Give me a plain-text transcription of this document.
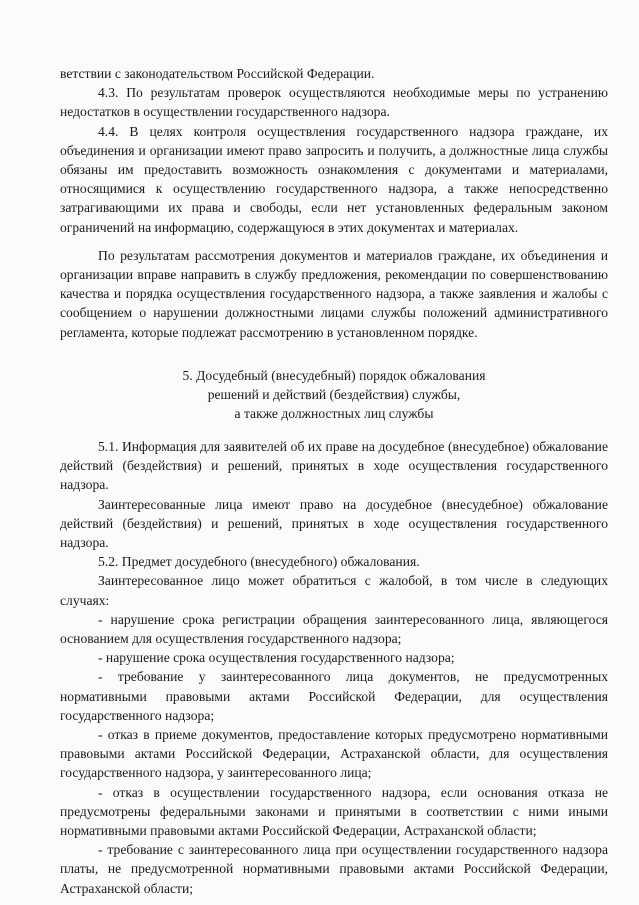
ветствии с законодательством Российской Федерации.

4.3. По результатам проверок осуществляются необходимые меры по устранению недостатков в осуществлении государственного надзора.

4.4. В целях контроля осуществления государственного надзора граждане, их объединения и организации имеют право запросить и получить, а должностные лица службы обязаны им предоставить возможность ознакомления с документами и материалами, относящимися к осуществлению государственного надзора, а также непосредственно затрагивающими их права и свободы, если нет установленных федеральным законом ограничений на информацию, содержащуюся в этих документах и материалах.

По результатам рассмотрения документов и материалов граждане, их объединения и организации вправе направить в службу предложения, рекомендации по совершенствованию качества и порядка осуществления государственного надзора, а также заявления и жалобы с сообщением о нарушении должностными лицами службы положений административного регламента, которые подлежат рассмотрению в установленном порядке.

5. Досудебный (внесудебный) порядок обжалования

решений и действий (бездействия) службы,

а также должностных лиц службы

5.1. Информация для заявителей об их праве на досудебное (внесудебное) обжалование действий (бездействия) и решений, принятых в ходе осуществления государственного надзора.

Заинтересованные лица имеют право на досудебное (внесудебное) обжалование действий (бездействия) и решений, принятых в ходе осуществления государственного надзора.

5.2. Предмет досудебного (внесудебного) обжалования.

Заинтересованное лицо может обратиться с жалобой, в том числе в следующих случаях:

- нарушение срока регистрации обращения заинтересованного лица, являющегося основанием для осуществления государственного надзора;

- нарушение срока осуществления государственного надзора;

- требование у заинтересованного лица документов, не предусмотренных нормативными правовыми актами Российской Федерации, для осуществления государственного надзора;

- отказ в приеме документов, предоставление которых предусмотрено нормативными правовыми актами Российской Федерации, Астраханской области, для осуществления государственного надзора, у заинтересованного лица;

- отказ в осуществлении государственного надзора, если основания отказа не предусмотрены федеральными законами и принятыми в соответствии с ними иными нормативными правовыми актами Российской Федерации, Астраханской области;

- требование с заинтересованного лица при осуществлении государственного надзора платы, не предусмотренной нормативными правовыми актами Российской Федерации, Астраханской области;
